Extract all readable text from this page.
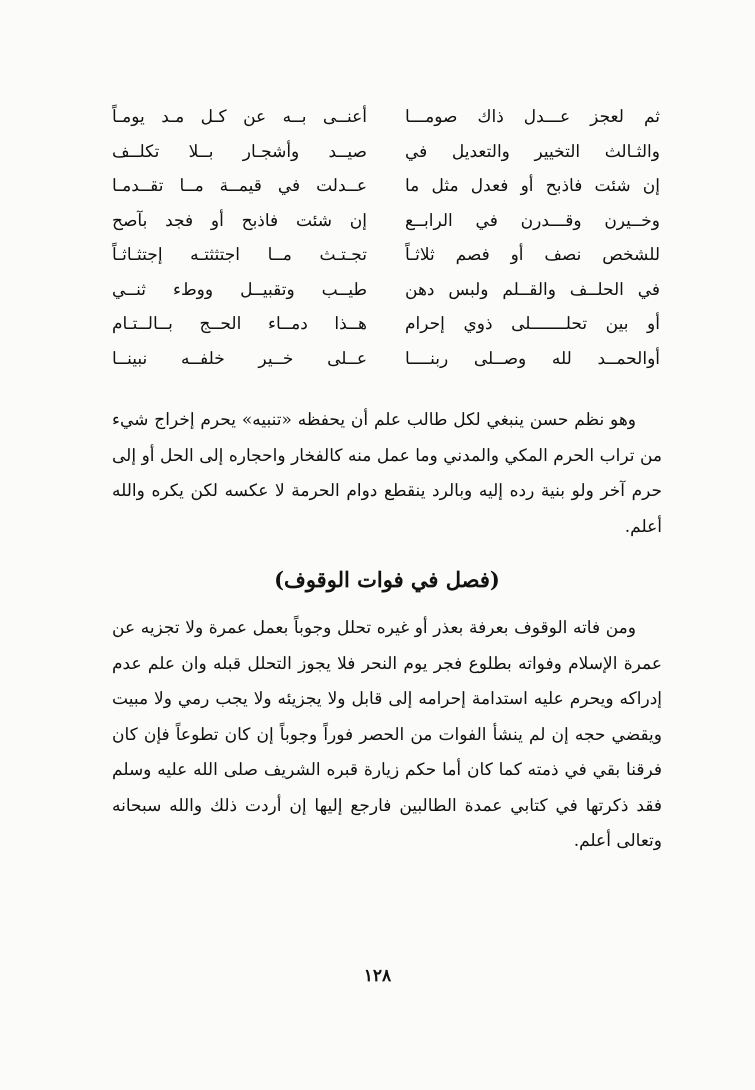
ثم لعجز عـــدل ذاك صومـــا
أعنــى بــه عن كـل مـد يومـاً
والثـالث التخيير والتعديل في
صيــد وأشجـار بــلا تكلــف
إن شئت فاذبح أو فعدل مثل ما
عــدلت في قيمــة مــا تقــدمـا
وخــيرن وقـــدرن في الرابــع
إن شئت فاذبح أو فجد بآصح
للشخص نصف أو فصم ثلاثـاً
تجـتـث مــا اجتثثتـه إجتثـاثـاً
في الحلــف والقــلم ولبس دهن
طيــب وتقبيــل ووطء ثنــي
أو بين تحلـــــــلى ذوي إحرام
هــذا دمــاء الحــج بــالــتـام
أوالحمــد لله وصــلى ربنــــا
عــلى خــير خلفــه نبينــا

وهو نظم حسن ينبغي لكل طالب علم أن يحفظه «تنبيه» يحرم إخراج شيء من تراب الحرم المكي والمدني وما عمل منه كالفخار واحجاره إلى الحل أو إلى حرم آخر ولو بنية رده إليه وبالرد ينقطع دوام الحرمة لا عكسه لكن يكره والله أعلم.

(فصل في فوات الوقوف)

ومن فاته الوقوف بعرفة بعذر أو غيره تحلل وجوباً بعمل عمرة ولا تجزيه عن عمرة الإسلام وفواته بطلوع فجر يوم النحر فلا يجوز التحلل قبله وان علم عدم إدراكه ويحرم عليه استدامة إحرامه إلى قابل ولا يجزيئه ولا يجب رمي ولا مبيت ويقضي حجه إن لم ينشأ الفوات من الحصر فوراً وجوباً إن كان تطوعاً فإن كان فرقنا بقي في ذمته كما كان أما حكم زيارة قبره الشريف صلى الله عليه وسلم فقد ذكرتها في كتابي عمدة الطالبين فارجع إليها إن أردت ذلك والله سبحانه وتعالى أعلم.

١٢٨
